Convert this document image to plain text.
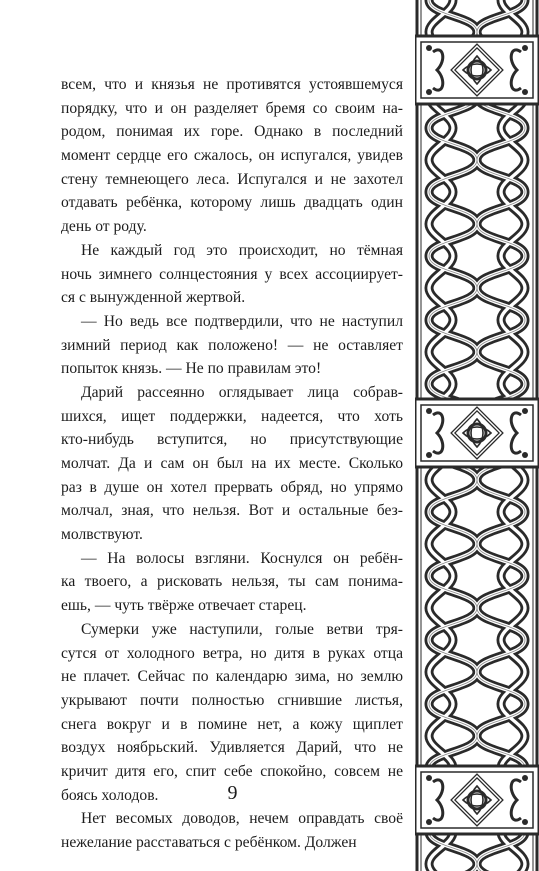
всем, что и князья не противятся устоявшемуся
порядку, что и он разделяет бремя со своим на-
родом, понимая их горе. Однако в последний
момент сердце его сжалось, он испугался, увидев
стену темнеющего леса. Испугался и не захотел
отдавать ребёнка, которому лишь двадцать один
день от роду.
Не каждый год это происходит, но тёмная
ночь зимнего солнцестояния у всех ассоциирует-
ся с вынужденной жертвой.
— Но ведь все подтвердили, что не наступил
зимний период как положено! — не оставляет
попыток князь. — Не по правилам это!
Дарий рассеянно оглядывает лица собрав-
шихся, ищет поддержки, надеется, что хоть
кто-нибудь вступится, но присутствующие
молчат. Да и сам он был на их месте. Сколько
раз в душе он хотел прервать обряд, но упрямо
молчал, зная, что нельзя. Вот и остальные без-
молвствуют.
— На волосы взгляни. Коснулся он ребён-
ка твоего, а рисковать нельзя, ты сам понима-
ешь, — чуть твёрже отвечает старец.
Сумерки уже наступили, голые ветви тря-
сутся от холодного ветра, но дитя в руках отца
не плачет. Сейчас по календарю зима, но землю
укрывают почти полностью сгнившие листья,
снега вокруг и в помине нет, а кожу щиплет
воздух ноябрьский. Удивляется Дарий, что не
кричит дитя его, спит себе спокойно, совсем не
боясь холодов.
Нет весомых доводов, нечем оправдать своё
нежелание расставаться с ребёнком. Должен
9
